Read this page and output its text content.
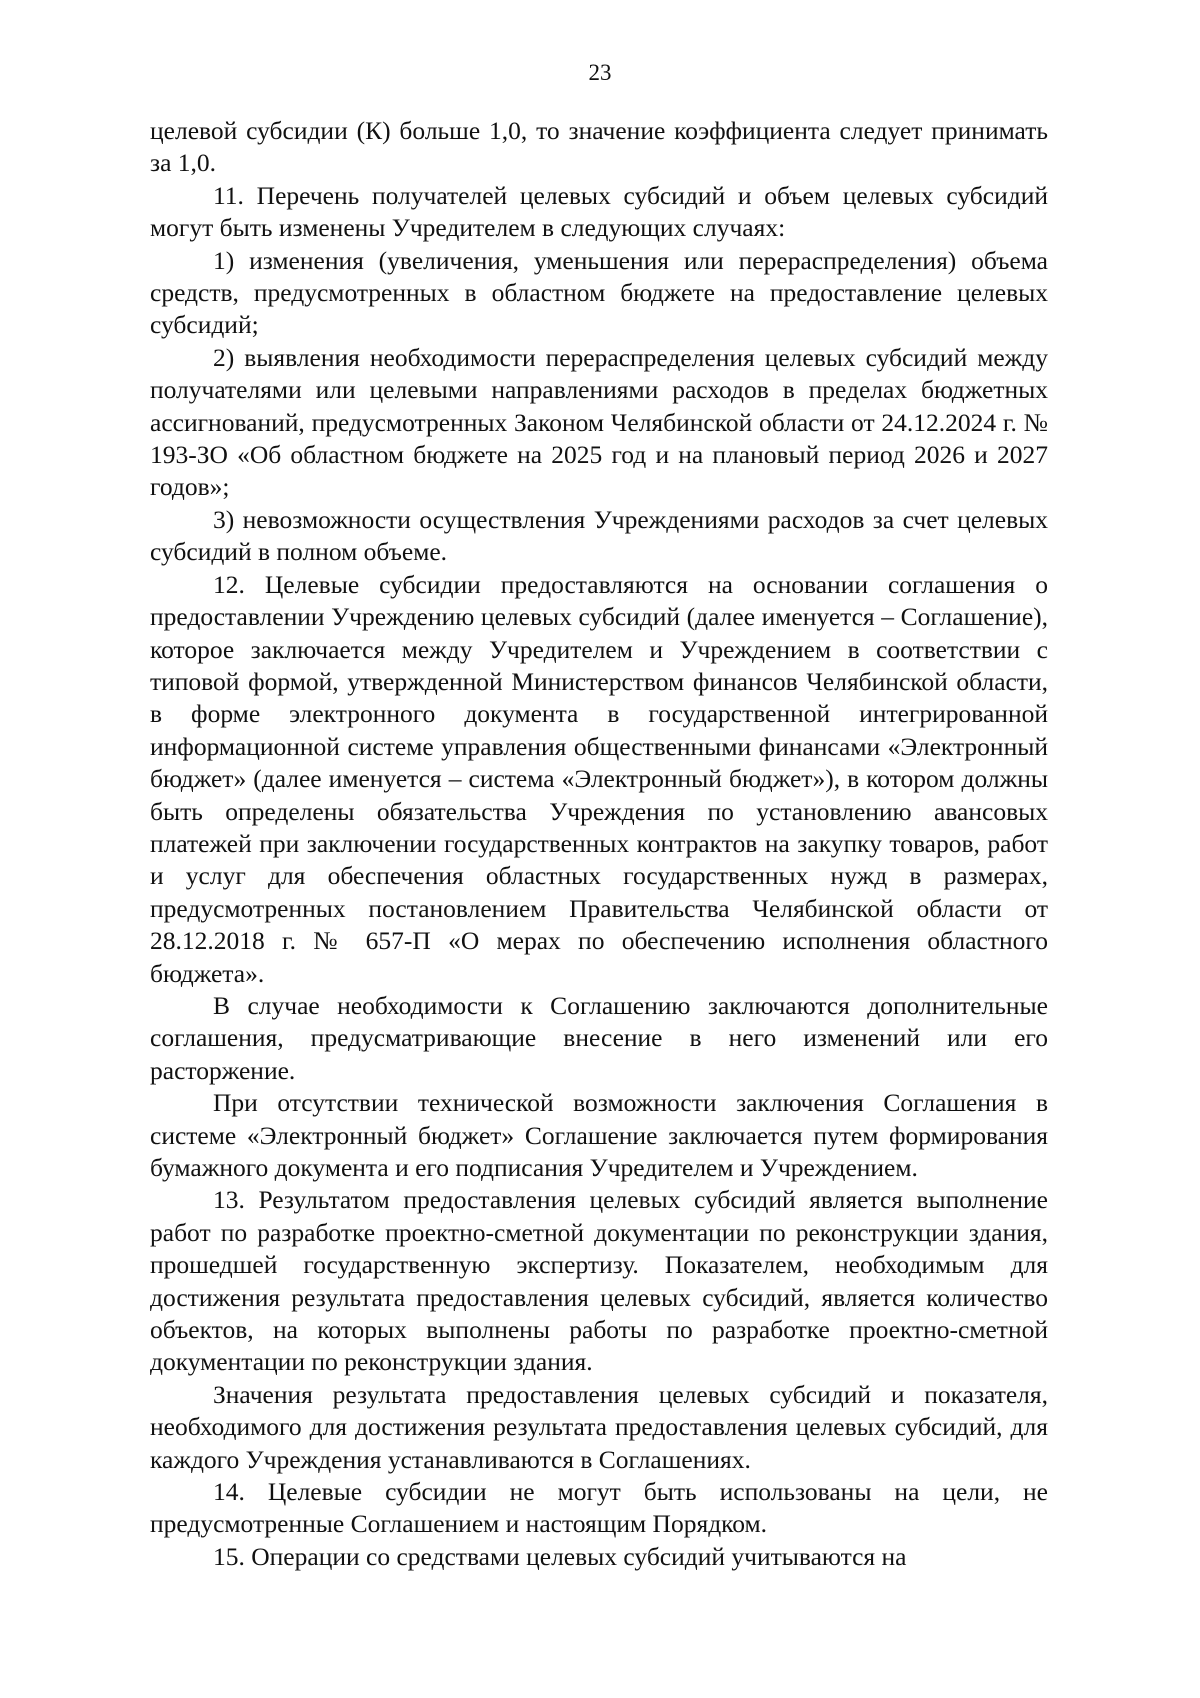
23

целевой субсидии (К) больше 1,0, то значение коэффициента следует принимать за 1,0.

11. Перечень получателей целевых субсидий и объем целевых субсидий могут быть изменены Учредителем в следующих случаях:

1) изменения (увеличения, уменьшения или перераспределения) объема средств, предусмотренных в областном бюджете на предоставление целевых субсидий;

2) выявления необходимости перераспределения целевых субсидий между получателями или целевыми направлениями расходов в пределах бюджетных ассигнований, предусмотренных Законом Челябинской области от 24.12.2024 г. № 193-ЗО «Об областном бюджете на 2025 год и на плановый период 2026 и 2027 годов»;

3) невозможности осуществления Учреждениями расходов за счет целевых субсидий в полном объеме.

12. Целевые субсидии предоставляются на основании соглашения о предоставлении Учреждению целевых субсидий (далее именуется – Соглашение), которое заключается между Учредителем и Учреждением в соответствии с типовой формой, утвержденной Министерством финансов Челябинской области, в форме электронного документа в государственной интегрированной информационной системе управления общественными финансами «Электронный бюджет» (далее именуется – система «Электронный бюджет»), в котором должны быть определены обязательства Учреждения по установлению авансовых платежей при заключении государственных контрактов на закупку товаров, работ и услуг для обеспечения областных государственных нужд в размерах, предусмотренных постановлением Правительства Челябинской области от 28.12.2018 г. № 657-П «О мерах по обеспечению исполнения областного бюджета».

В случае необходимости к Соглашению заключаются дополнительные соглашения, предусматривающие внесение в него изменений или его расторжение.

При отсутствии технической возможности заключения Соглашения в системе «Электронный бюджет» Соглашение заключается путем формирования бумажного документа и его подписания Учредителем и Учреждением.

13. Результатом предоставления целевых субсидий является выполнение работ по разработке проектно-сметной документации по реконструкции здания, прошедшей государственную экспертизу. Показателем, необходимым для достижения результата предоставления целевых субсидий, является количество объектов, на которых выполнены работы по разработке проектно-сметной документации по реконструкции здания.

Значения результата предоставления целевых субсидий и показателя, необходимого для достижения результата предоставления целевых субсидий, для каждого Учреждения устанавливаются в Соглашениях.

14. Целевые субсидии не могут быть использованы на цели, не предусмотренные Соглашением и настоящим Порядком.

15. Операции со средствами целевых субсидий учитываются на
